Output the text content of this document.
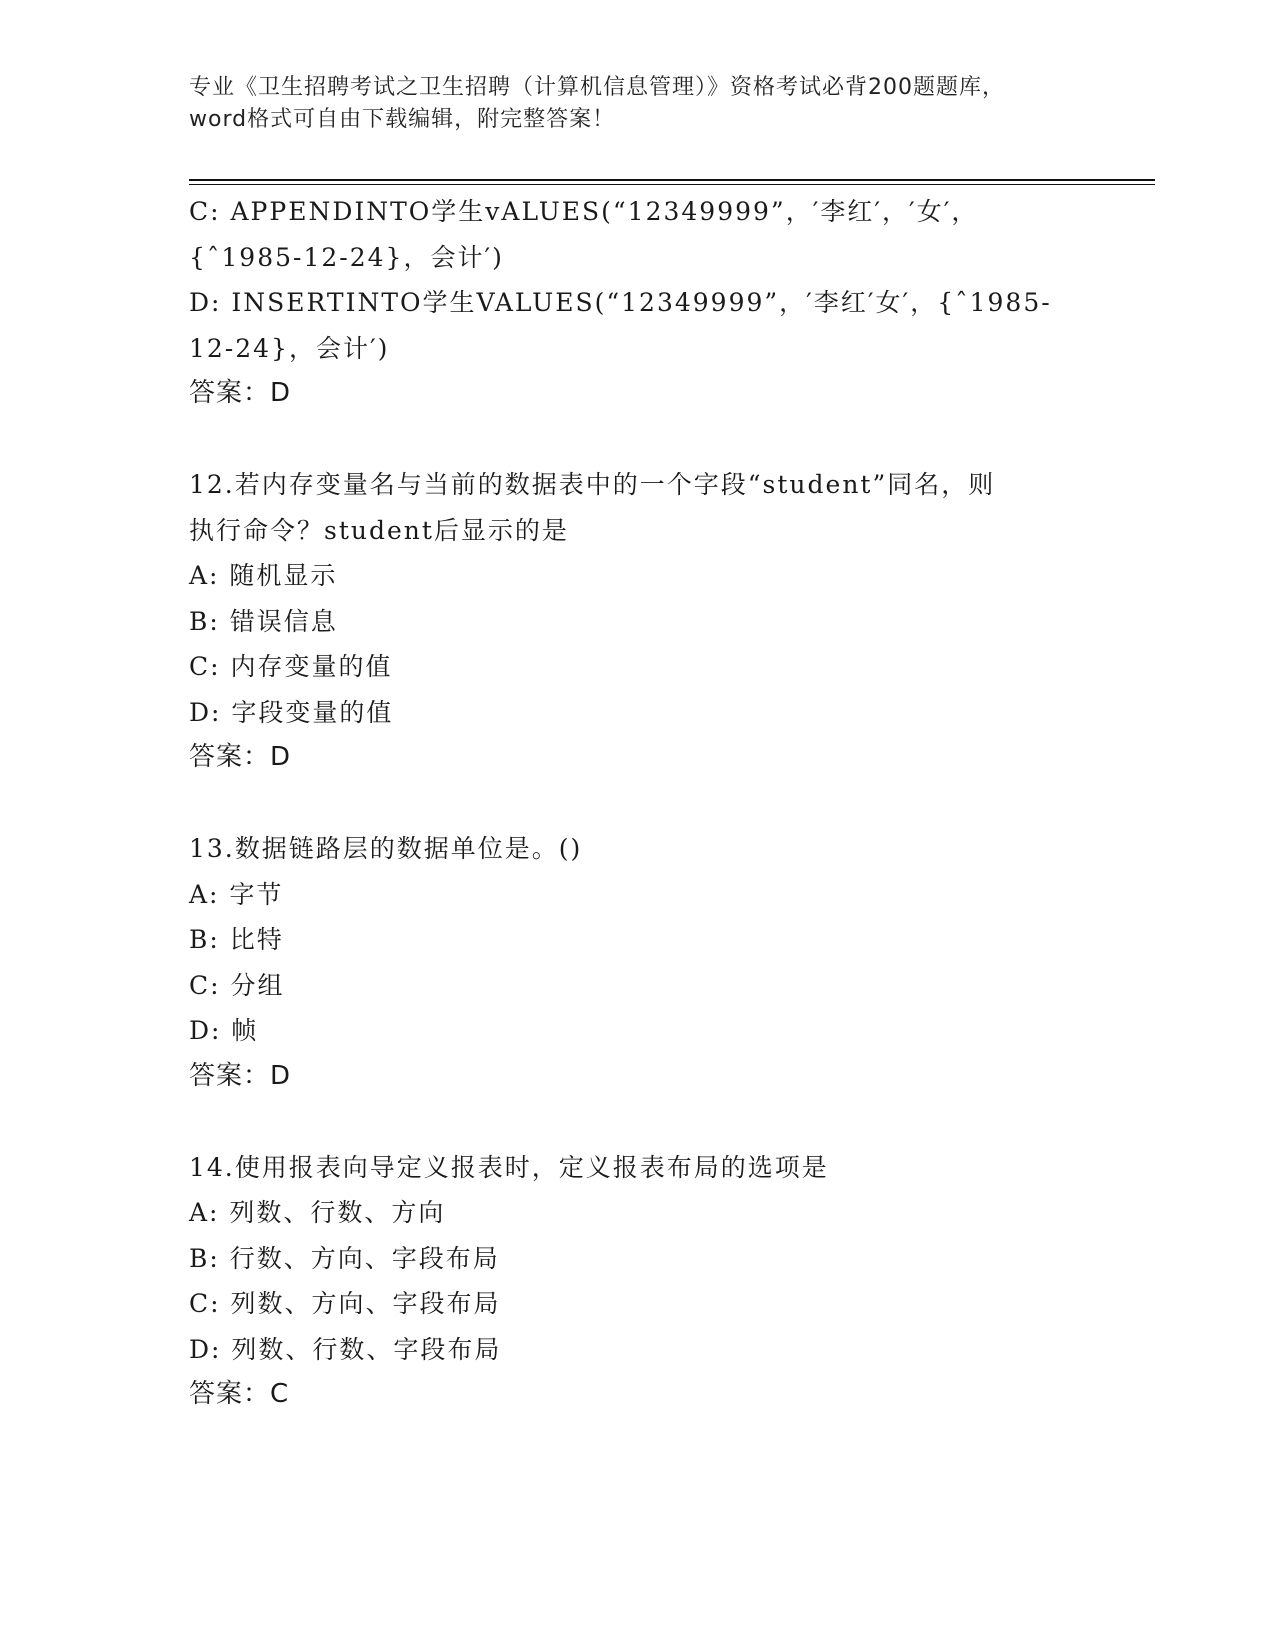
专业《卫生招聘考试之卫生招聘（计算机信息管理）》资格考试必背200题题库，
word格式可自由下载编辑，附完整答案！
C: APPENDINTO学生vALUES(“12349999”，′李红′，′女′，
{ˆ1985-12-24}，会计′)
D: INSERTINTO学生VALUES(“12349999”，′李红′女′，{ˆ1985-
12-24}，会计′)
答案：D
12.若内存变量名与当前的数据表中的一个字段“student”同名，则
执行命令？student后显示的是
A: 随机显示
B: 错误信息
C: 内存变量的值
D: 字段变量的值
答案：D
13.数据链路层的数据单位是。()
A: 字节
B: 比特
C: 分组
D: 帧
答案：D
14.使用报表向导定义报表时，定义报表布局的选项是
A: 列数、行数、方向
B: 行数、方向、字段布局
C: 列数、方向、字段布局
D: 列数、行数、字段布局
答案：C
